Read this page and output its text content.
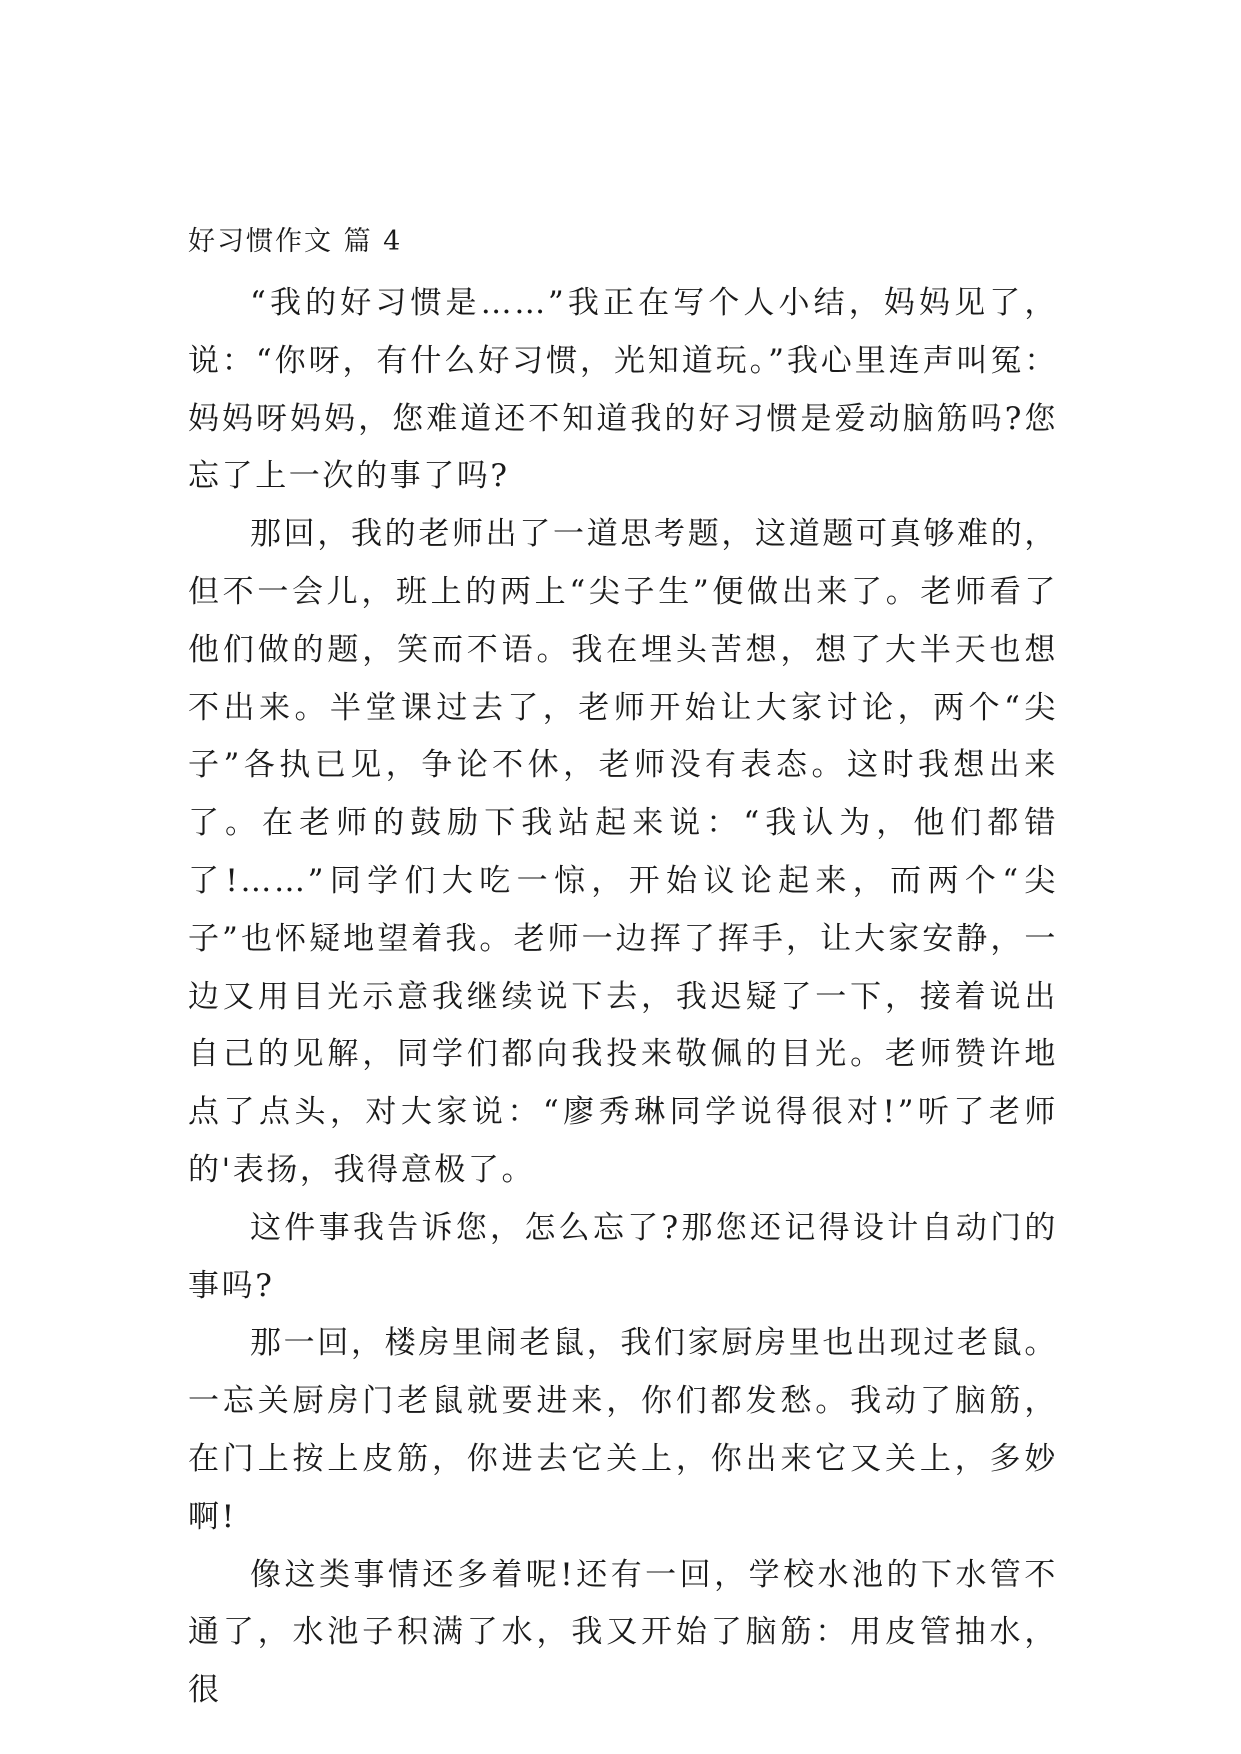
好习惯作文 篇 4

“我的好习惯是……”我正在写个人小结，妈妈见了，说：“你呀，有什么好习惯，光知道玩。”我心里连声叫冤：妈妈呀妈妈，您难道还不知道我的好习惯是爱动脑筋吗?您忘了上一次的事了吗?

那回，我的老师出了一道思考题，这道题可真够难的，但不一会儿，班上的两上“尖子生”便做出来了。老师看了他们做的题，笑而不语。我在埋头苦想，想了大半天也想不出来。半堂课过去了，老师开始让大家讨论，两个“尖子”各执已见，争论不休，老师没有表态。这时我想出来了。在老师的鼓励下我站起来说：“我认为，他们都错了!……”同学们大吃一惊，开始议论起来，而两个“尖子”也怀疑地望着我。老师一边挥了挥手，让大家安静，一边又用目光示意我继续说下去，我迟疑了一下，接着说出自己的见解，同学们都向我投来敬佩的目光。老师赞许地点了点头，对大家说：“廖秀琳同学说得很对!”听了老师的'表扬，我得意极了。

这件事我告诉您，怎么忘了?那您还记得设计自动门的事吗?

那一回，楼房里闹老鼠，我们家厨房里也出现过老鼠。一忘关厨房门老鼠就要进来，你们都发愁。我动了脑筋，在门上按上皮筋，你进去它关上，你出来它又关上，多妙啊!

像这类事情还多着呢!还有一回，学校水池的下水管不通了，水池子积满了水，我又开始了脑筋：用皮管抽水，很
